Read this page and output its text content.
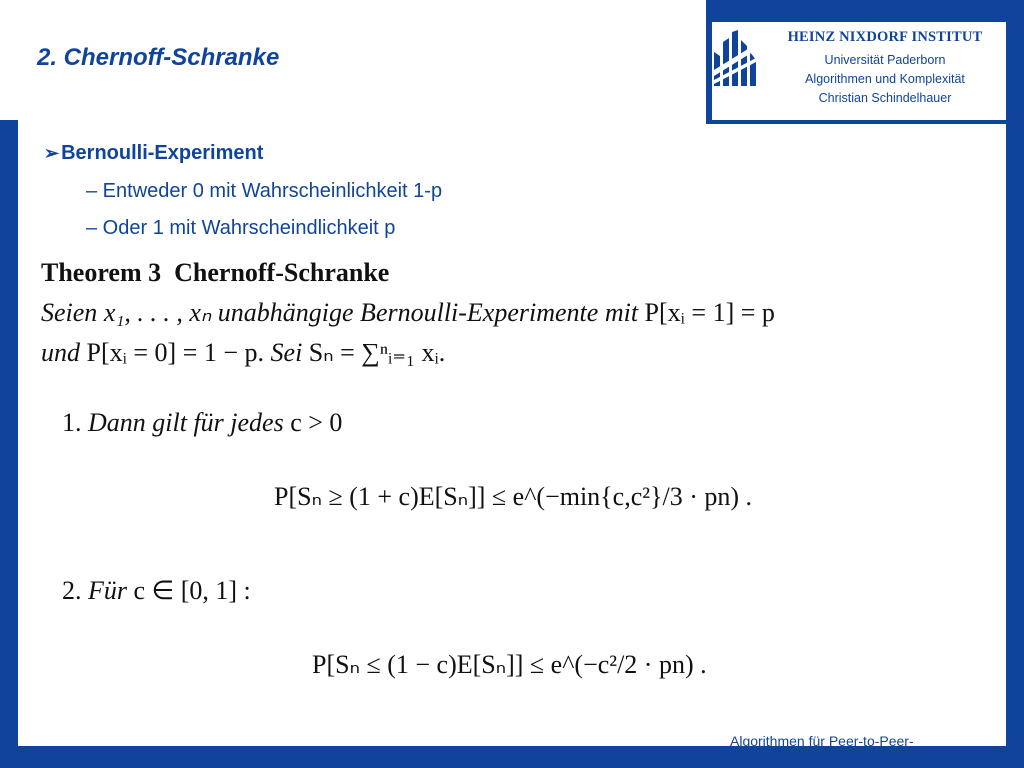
2. Chernoff-Schranke
HEINZ NIXDORF INSTITUT
Universität Paderborn
Algorithmen und Komplexität
Christian Schindelhauer
➢ Bernoulli-Experiment
– Entweder 0 mit Wahrscheinlichkeit 1-p
– Oder 1 mit Wahrscheindlichkeit p
Theorem 3 Chernoff-Schranke
Seien x₁, . . . , xₙ unabhängige Bernoulli-Experimente mit P[xᵢ = 1] = p
und P[xᵢ = 0] = 1 − p. Sei Sₙ = ∑ⁿᵢ₌₁ xᵢ.
1. Dann gilt für jedes c > 0
P[Sₙ ≥ (1 + c)E[Sₙ]] ≤ e^(−min{c,c²}/3 · pn) .
2. Für c ∈ [0, 1] :
P[Sₙ ≤ (1 − c)E[Sₙ]] ≤ e^(−c²/2 · pn) .
Algorithmen für Peer-to-Peer-Netzwerke	11
